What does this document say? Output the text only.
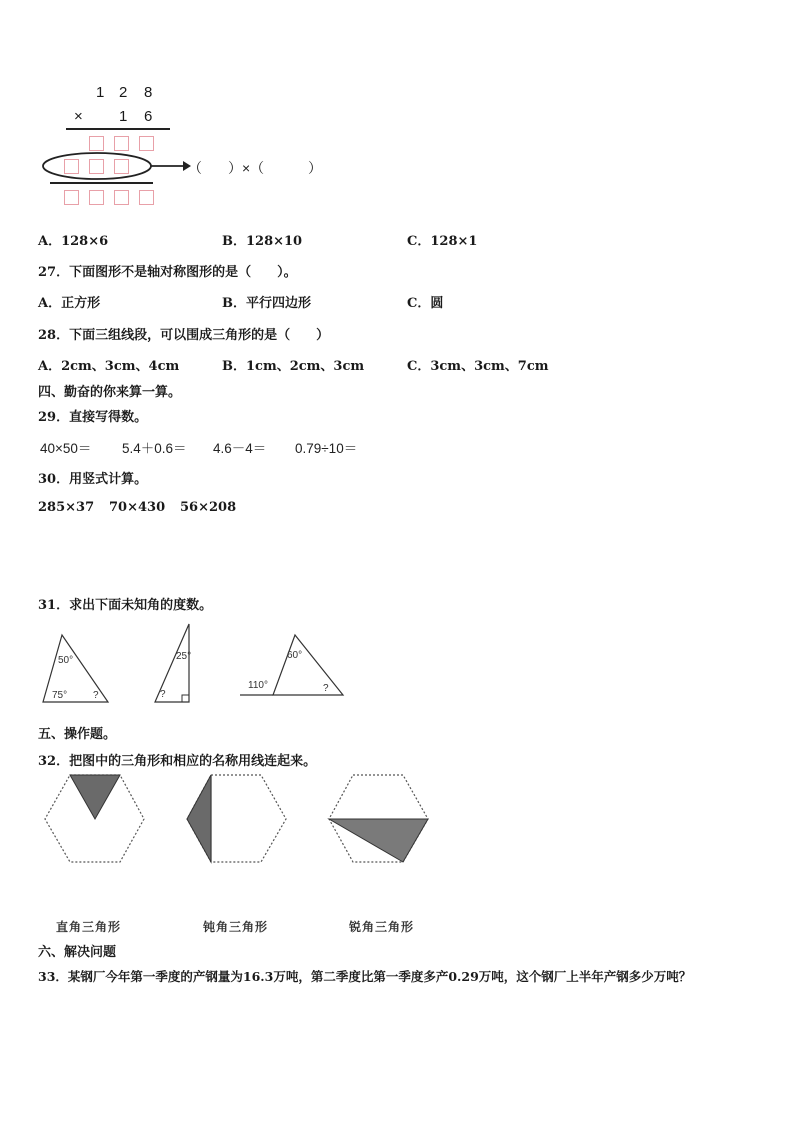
1 2 8
× 1 6
（ ）×（	）
A．128×6	B．128×10	C．128×1
27．下面图形不是轴对称图形的是（　　）。
A．正方形	B．平行四边形	C．圆
28．下面三组线段，可以围成三角形的是（　　）
A．2cm、3cm、4cm	B．1cm、2cm、3cm	C．3cm、3cm、7cm
四、勤奋的你来算一算。
29．直接写得数。
40×50＝ 5.4＋0.6＝ 4.6－4＝ 0.79÷10＝
30．用竖式计算。
285×37 70×430 56×208
31．求出下面未知角的度数。
50°
75°	?
25°
?
60°
110°	?
五、操作题。
32．把图中的三角形和相应的名称用线连起来。
直角三角形	钝角三角形	锐角三角形
六、解决问题
33．某钢厂今年第一季度的产钢量为16.3万吨，第二季度比第一季度多产0.29万吨，这个钢厂上半年产钢多少万吨？
